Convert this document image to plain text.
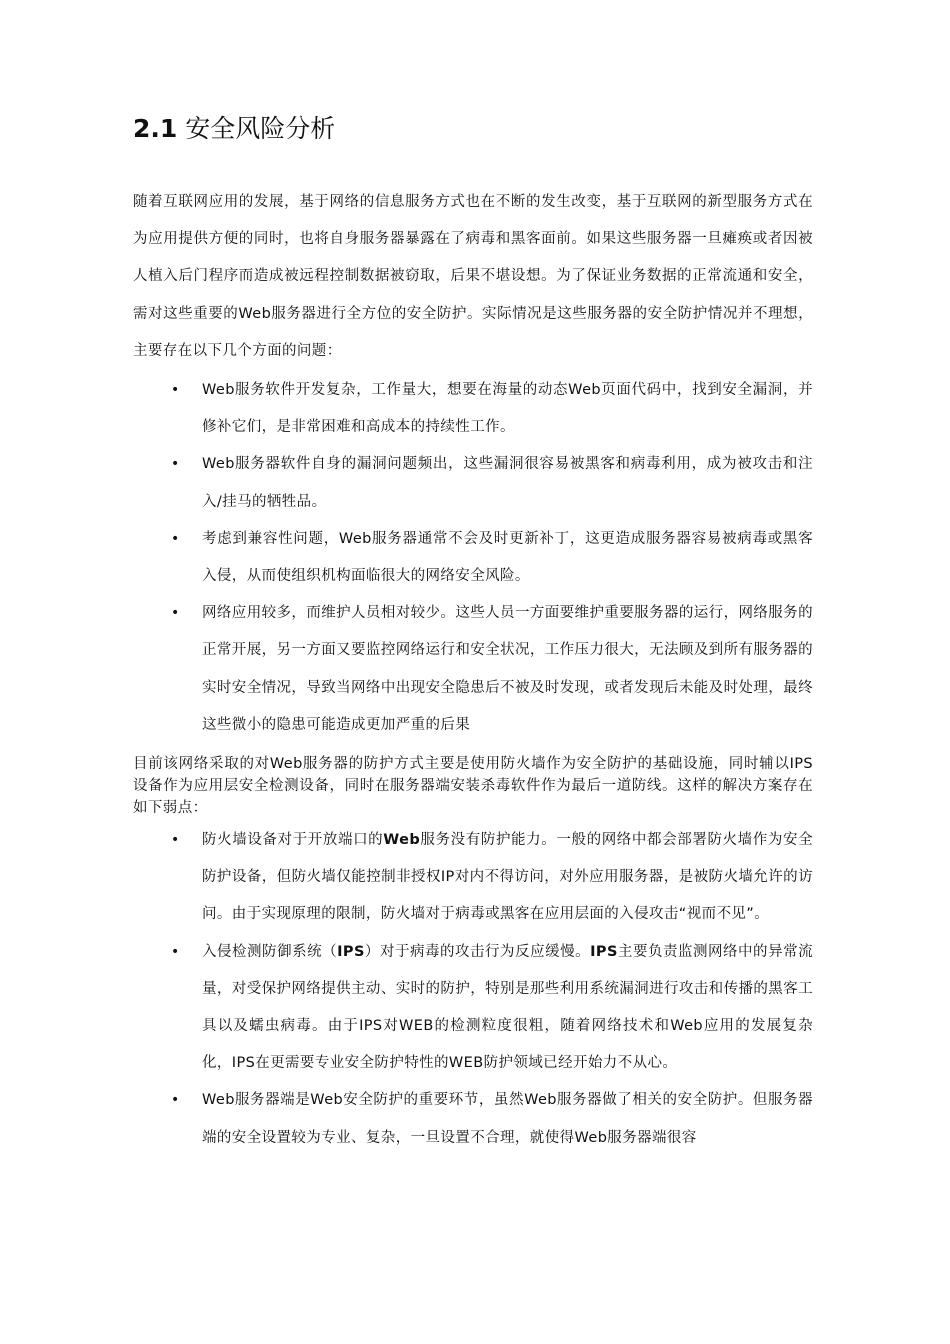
2.1 安全风险分析

随着互联网应用的发展，基于网络的信息服务方式也在不断的发生改变，基于互联网的新型服务方式在为应用提供方便的同时，也将自身服务器暴露在了病毒和黑客面前。如果这些服务器一旦瘫痪或者因被人植入后门程序而造成被远程控制数据被窃取，后果不堪设想。为了保证业务数据的正常流通和安全，需对这些重要的Web服务器进行全方位的安全防护。实际情况是这些服务器的安全防护情况并不理想，主要存在以下几个方面的问题：

• Web服务软件开发复杂，工作量大，想要在海量的动态Web页面代码中，找到安全漏洞，并修补它们，是非常困难和高成本的持续性工作。
• Web服务器软件自身的漏洞问题频出，这些漏洞很容易被黑客和病毒利用，成为被攻击和注入/挂马的牺牲品。
• 考虑到兼容性问题，Web服务器通常不会及时更新补丁，这更造成服务器容易被病毒或黑客入侵，从而使组织机构面临很大的网络安全风险。
• 网络应用较多，而维护人员相对较少。这些人员一方面要维护重要服务器的运行，网络服务的正常开展，另一方面又要监控网络运行和安全状况，工作压力很大，无法顾及到所有服务器的实时安全情况，导致当网络中出现安全隐患后不被及时发现，或者发现后未能及时处理，最终这些微小的隐患可能造成更加严重的后果

目前该网络采取的对Web服务器的防护方式主要是使用防火墙作为安全防护的基础设施，同时辅以IPS设备作为应用层安全检测设备，同时在服务器端安装杀毒软件作为最后一道防线。这样的解决方案存在如下弱点：

• 防火墙设备对于开放端口的Web服务没有防护能力。一般的网络中都会部署防火墙作为安全防护设备，但防火墙仅能控制非授权IP对内不得访问，对外应用服务器，是被防火墙允许的访问。由于实现原理的限制，防火墙对于病毒或黑客在应用层面的入侵攻击“视而不见”。
• 入侵检测防御系统（IPS）对于病毒的攻击行为反应缓慢。IPS主要负责监测网络中的异常流量，对受保护网络提供主动、实时的防护，特别是那些利用系统漏洞进行攻击和传播的黑客工具以及蠕虫病毒。由于IPS对WEB的检测粒度很粗，随着网络技术和Web应用的发展复杂化，IPS在更需要专业安全防护特性的WEB防护领域已经开始力不从心。
• Web服务器端是Web安全防护的重要环节，虽然Web服务器做了相关的安全防护。但服务器端的安全设置较为专业、复杂，一旦设置不合理，就使得Web服务器端很容
